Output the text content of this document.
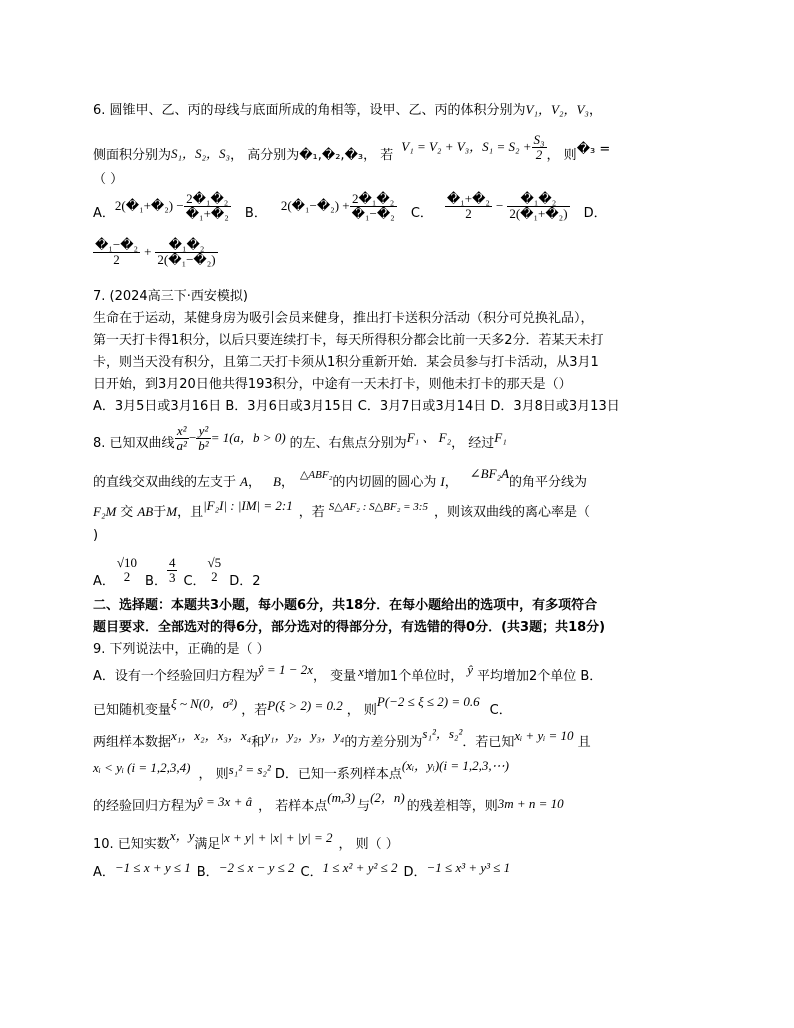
6. 圆锥甲、乙、丙的母线与底面所成的角相等，设甲、乙、丙的体积分别为V₁，V₂，V₃，
侧面积分别为S₁，S₂，S₃， 高分别为�₁,�₂,�₃， 若V₁ = V₂ + V₃，$S_1 = S_2 + \frac{\text{S₃}}{2}$ ， 则�₃ =
（ ）
A．2(�₁+�₂) − $\frac{\text{2�₁�₂}}{\text{�₁+�₂}}$ B．2(�₁−�₂) + $\frac{\text{2�₁�₂}}{\text{�₁−�₂}}$ C． $\frac{\text{�₁+�₂}}{2} - \frac{\text{�₁�₂}}{\text{2(�₁+�₂)}}$ D．
$\frac{\text{�₁−�₂}}{2} + \frac{\text{�₁�₂}}{\text{2(�₁−�₂)}}$
7. (2024高三下·西安模拟)
生命在于运动，某健身房为吸引会员来健身，推出打卡送积分活动（积分可兑换礼品），
第一天打卡得1积分，以后只要连续打卡，每天所得积分都会比前一天多2分．若某天未打
卡，则当天没有积分，且第二天打卡须从1积分重新开始．某会员参与打卡活动，从3月1
日开始，到3月20日他共得193积分，中途有一天未打卡，则他未打卡的那天是（）
A．3月5日或3月16日 B．3月6日或3月15日 C．3月7日或3月14日 D．3月8日或3月13日
8. 已知双曲线 $\frac{\text{x²}}{\text{a²}} - \frac{\text{y²}}{\text{b²}} = 1(a$，b > 0) 的左、右焦点分别为F₁ 、 F₂， 经过F₁
的直线交双曲线的左支于 A， B， $^{\triangle ABF_2}$的内切圆的圆心为 I，∠BF₂A的角平分线为
F₂M 交 AB于M，且|F₂I| : |IM| = 2:1 ，若 $^{S\triangle AF_2 : S\triangle BF_2 = 3:5}$ ，则该双曲线的离心率是（
)
A．
√10
2	B． $\frac{4}{3}$ C．
√5
2 D．2
二、选择题：本题共3小题，每小题6分，共18分．在每小题给出的选项中，有多项符合
题目要求．全部选对的得6分，部分选对的得部分分，有选错的得0分．(共3题；共18分)
9. 下列说法中，正确的是（ ）
A．设有一个经验回归方程为ŷ = 1 − 2x， 变量 x增加1个单位时， ŷ 平均增加2个单位 B．
已知随机变量ξ ~ N(0，σ²) ，若P(ξ > 2) = 0.2 ， 则P(−2 ≤ ξ ≤ 2) = 0.6C．
两组样本数据x₁，x₂，x₃，x₄和y₁，y₂，y₃，y₄的方差分别为s₁²，s₂²．若已知xᵢ + yᵢ = 10 且
xᵢ < yᵢ (i = 1,2,3,4) ， 则s₁² = s₂² D．已知一系列样本点(xᵢ，yᵢ)(i = 1,2,3,⋯)
的经验回归方程为ŷ = 3x + â ， 若样本点(m,3)与(2，n)的残差相等，则3m + n = 10
10. 已知实数x，y满足|x + y| + |x| + |y| = 2 ， 则（ ）
A．−1 ≤ x + y ≤ 1 B．−2 ≤ x − y ≤ 2 C．1 ≤ x² + y² ≤ 2 D．−1 ≤ x³ + y³ ≤ 1
